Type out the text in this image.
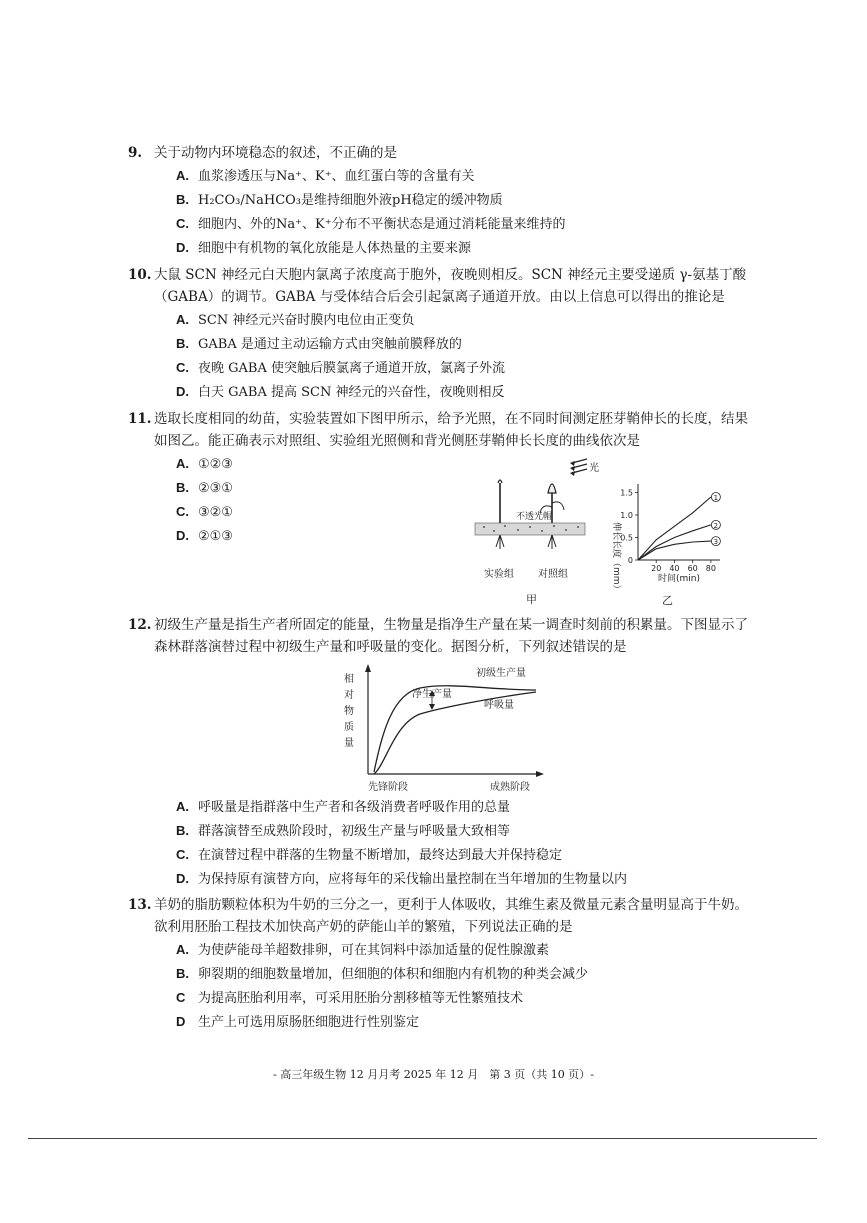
9. 关于动物内环境稳态的叙述，不正确的是
A. 血浆渗透压与Na⁺、K⁺、血红蛋白等的含量有关
B. H₂CO₃/NaHCO₃是维持细胞外液pH稳定的缓冲物质
C. 细胞内、外的Na⁺、K⁺分布不平衡状态是通过消耗能量来维持的
D. 细胞中有机物的氧化放能是人体热量的主要来源
10. 大鼠 SCN 神经元白天胞内氯离子浓度高于胞外，夜晚则相反。SCN 神经元主要受递质 γ-氨基丁酸
（GABA）的调节。GABA 与受体结合后会引起氯离子通道开放。由以上信息可以得出的推论是
A. SCN 神经元兴奋时膜内电位由正变负
B. GABA 是通过主动运输方式由突触前膜释放的
C. 夜晚 GABA 使突触后膜氯离子通道开放，氯离子外流
D. 白天 GABA 提高 SCN 神经元的兴奋性，夜晚则相反
11. 选取长度相同的幼苗，实验装置如下图甲所示，给予光照，在不同时间测定胚芽鞘伸长的长度，结果
如图乙。能正确表示对照组、实验组光照侧和背光侧胚芽鞘伸长长度的曲线依次是
A. ①②③
B. ②③①
C. ③②①
D. ②①③
光
不透光帽
实验组 对照组
甲
伸长长度（mm） 0
0.5
1.0
1.5
20 40 60 80
1
2
3
时间(min)
乙
12. 初级生产量是指生产者所固定的能量，生物量是指净生产量在某一调查时刻前的积累量。下图显示了
森林群落演替过程中初级生产量和呼吸量的变化。据图分析，下列叙述错误的是
相
对
物
质
量
初级生产量
净生产量
呼吸量
先锋阶段	成熟阶段
A. 呼吸量是指群落中生产者和各级消费者呼吸作用的总量
B. 群落演替至成熟阶段时，初级生产量与呼吸量大致相等
C. 在演替过程中群落的生物量不断增加，最终达到最大并保持稳定
D. 为保持原有演替方向，应将每年的采伐输出量控制在当年增加的生物量以内
13. 羊奶的脂肪颗粒体积为牛奶的三分之一，更利于人体吸收，其维生素及微量元素含量明显高于牛奶。
欲利用胚胎工程技术加快高产奶的萨能山羊的繁殖，下列说法正确的是
A. 为使萨能母羊超数排卵，可在其饲料中添加适量的促性腺激素
B. 卵裂期的细胞数量增加，但细胞的体积和细胞内有机物的种类会减少
C 为提高胚胎利用率，可采用胚胎分割移植等无性繁殖技术
D 生产上可选用原肠胚细胞进行性别鉴定
- 高三年级生物 12 月月考 2025 年 12 月　第 3 页（共 10 页）-
